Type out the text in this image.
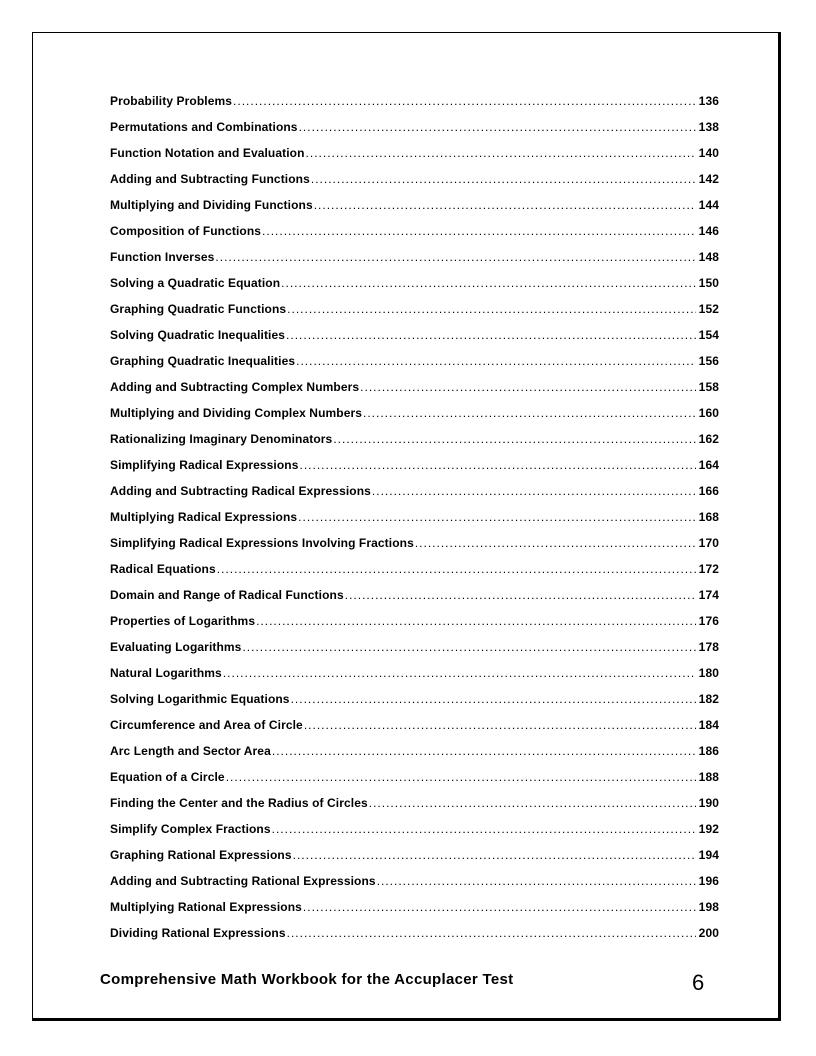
Probability Problems .....	136
Permutations and Combinations .....	138
Function Notation and Evaluation .....	140
Adding and Subtracting Functions .....	142
Multiplying and Dividing Functions .....	144
Composition of Functions .....	146
Function Inverses .....	148
Solving a Quadratic Equation .....	150
Graphing Quadratic Functions .....	152
Solving Quadratic Inequalities .....	154
Graphing Quadratic Inequalities .....	156
Adding and Subtracting Complex Numbers .....	158
Multiplying and Dividing Complex Numbers .....	160
Rationalizing Imaginary Denominators .....	162
Simplifying Radical Expressions .....	164
Adding and Subtracting Radical Expressions .....	166
Multiplying Radical Expressions .....	168
Simplifying Radical Expressions Involving Fractions .....	170
Radical Equations .....	172
Domain and Range of Radical Functions .....	174
Properties of Logarithms .....	176
Evaluating Logarithms .....	178
Natural Logarithms .....	180
Solving Logarithmic Equations .....	182
Circumference and Area of Circle .....	184
Arc Length and Sector Area .....	186
Equation of a Circle .....	188
Finding the Center and the Radius of Circles .....	190
Simplify Complex Fractions .....	192
Graphing Rational Expressions .....	194
Adding and Subtracting Rational Expressions .....	196
Multiplying Rational Expressions .....	198
Dividing Rational Expressions .....	200
Comprehensive Math Workbook for the Accuplacer Test	6
